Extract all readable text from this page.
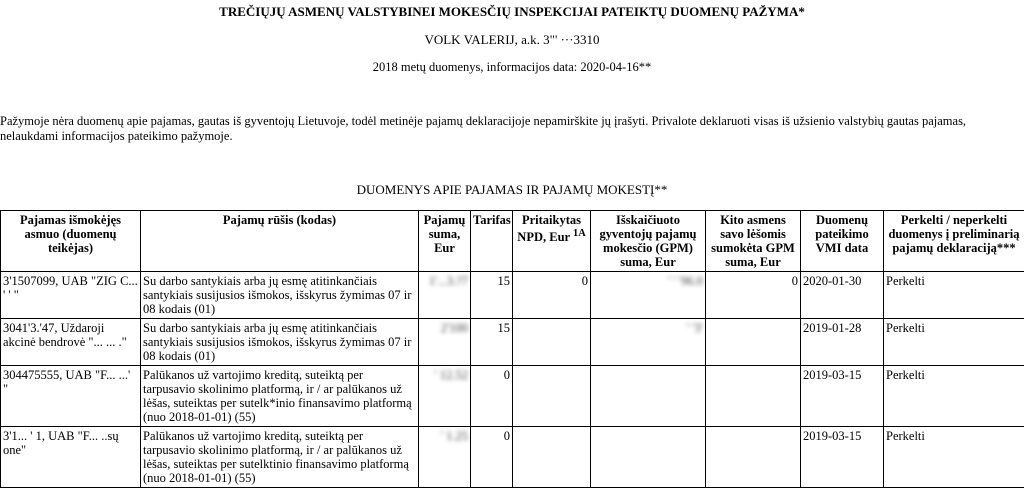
TREČIŲJŲ ASMENŲ VALSTYBINEI MOKESČIŲ INSPEKCIJAI PATEIKTŲ DUOMENŲ PAŽYMA*
VOLK VALERIJ, a.k. 3"' ···3310
2018 metų duomenys, informacijos data: 2020-04-16**
Pažymoje nėra duomenų apie pajamas, gautas iš gyventojų Lietuvoje, todėl metinėje pajamų deklaracijoje nepamirškite jų įrašyti. Privalote deklaruoti visas iš užsienio valstybių gautas pajamas, nelaukdami informacijos pateikimo pažymoje.
DUOMENYS APIE PAJAMAS IR PAJAMŲ MOKESTĮ**
Pajamas išmokėjęs asmuo (duomenų teikėjas)	Pajamų rūšis (kodas)	Pajamų suma, Eur	Tarifas	Pritaikytas NPD, Eur $^{1A}$	Išskaičiuoto gyventojų pajamų mokesčio (GPM) suma, Eur	Kito asmens savo lėšomis sumokėta GPM suma, Eur	Duomenų pateikimo VMI data	Perkelti / neperkelti duomenys į preliminarią pajamų deklaraciją***
3'1507099, UAB "ZIG C... ' ' "	Su darbo santykiais arba jų esmę atitinkančiais santykiais susijusios išmokos, išskyrus žymimas 07 ir 08 kodais (01)	1'...3.?7	15	0	' ' '96.0	0	2020-01-30	Perkelti
3041'3.'47, Uždaroji akcinė bendrovė "... ... ."	Su darbo santykiais arba jų esmę atitinkančiais santykiais susijusios išmokos, išskyrus žymimas 07 ir 08 kodais (01)	2'100	15		' '3'		2019-01-28	Perkelti
304475555, UAB "F... ...' "	Palūkanos už vartojimo kreditą, suteiktą per tarpusavio skolinimo platformą, ir / ar palūkanos už lėšas, suteiktas per sutelk*inio finansavimo platformą (nuo 2018-01-01) (55)	' 12.52	0				2019-03-15	Perkelti
3'1... ' 1, UAB "F... ..sų one"	Palūkanos už vartojimo kreditą, suteiktą per tarpusavio skolinimo platformą, ir / ar palūkanos už lėšas, suteiktas per sutelktinio finansavimo platformą (nuo 2018-01-01) (55)	' 1.25	0				2019-03-15	Perkelti
